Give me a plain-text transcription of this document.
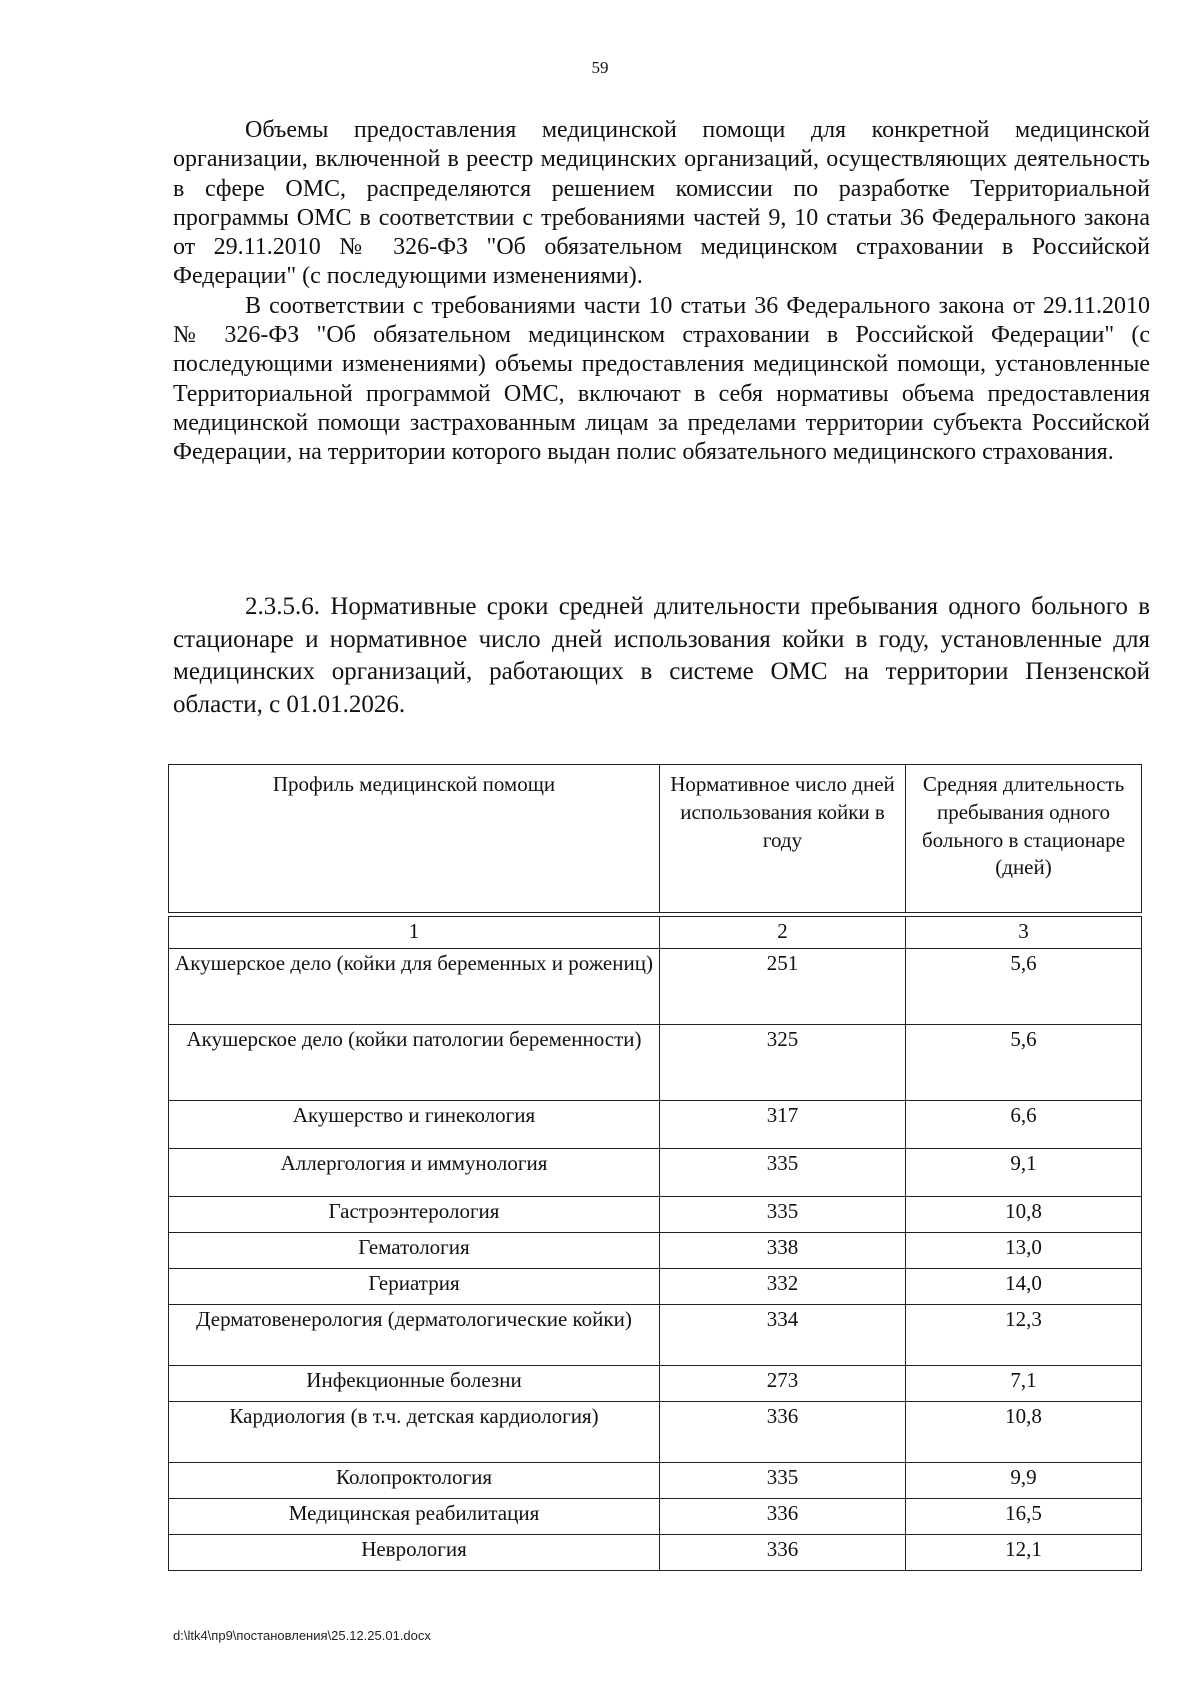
59

Объемы предоставления медицинской помощи для конкретной медицинской организации, включенной в реестр медицинских организаций, осуществляющих деятельность в сфере ОМС, распределяются решением комиссии по разработке Территориальной программы ОМС в соответствии с требованиями частей 9, 10 статьи 36 Федерального закона от 29.11.2010 № 326-ФЗ "Об обязательном медицинском страховании в Российской Федерации" (с последующими изменениями).

В соответствии с требованиями части 10 статьи 36 Федерального закона от 29.11.2010 № 326-ФЗ "Об обязательном медицинском страховании в Российской Федерации" (с последующими изменениями) объемы предоставления медицинской помощи, установленные Территориальной программой ОМС, включают в себя нормативы объема предоставления медицинской помощи застрахованным лицам за пределами территории субъекта Российской Федерации, на территории которого выдан полис обязательного медицинского страхования.

2.3.5.6. Нормативные сроки средней длительности пребывания одного больного в стационаре и нормативное число дней использования койки в году, установленные для медицинских организаций, работающих в системе ОМС на территории Пензенской области, с 01.01.2026.

Профиль медицинской помощи	Нормативное число дней использования койки в году	Средняя длительность пребывания одного больного в стационаре (дней)

1	2	3
Акушерское дело (койки для беременных и рожениц)	251	5,6
Акушерское дело (койки патологии беременности)	325	5,6
Акушерство и гинекология	317	6,6
Аллергология и иммунология	335	9,1
Гастроэнтерология	335	10,8
Гематология	338	13,0
Гериатрия	332	14,0
Дерматовенерология (дерматологические койки)	334	12,3
Инфекционные болезни	273	7,1
Кардиология (в т.ч. детская кардиология)	336	10,8
Колопроктология	335	9,9
Медицинская реабилитация	336	16,5
Неврология	336	12,1
d:\ltk4\пр9\постановления\25.12.25.01.docx
